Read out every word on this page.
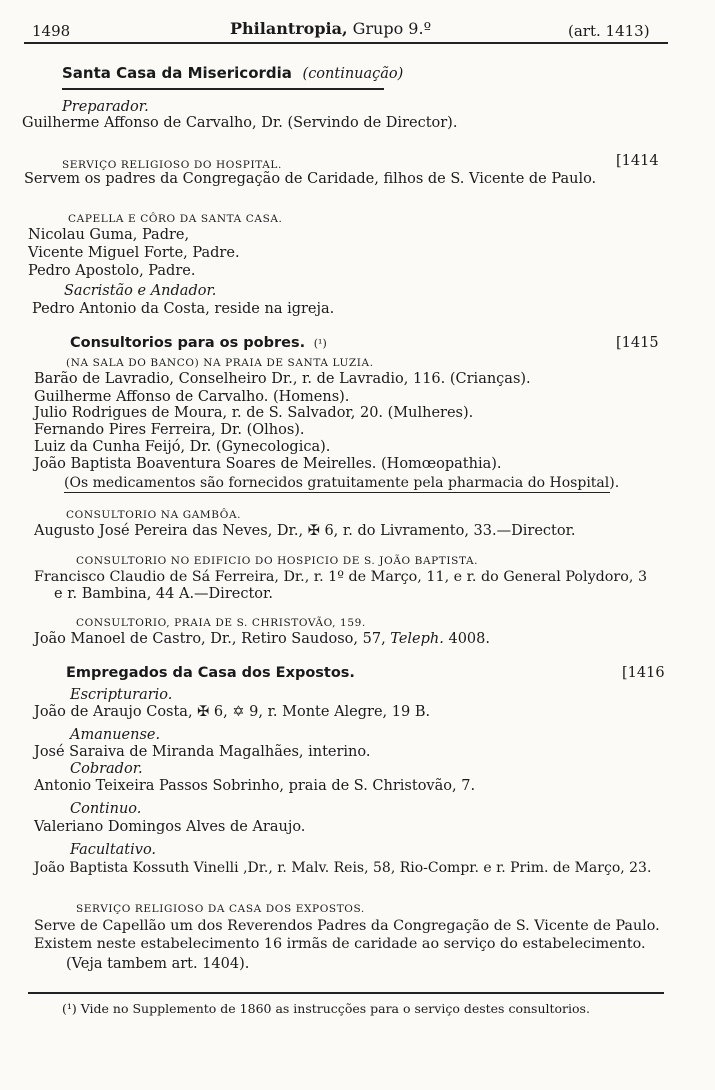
1498	Philantropia, Grupo 9.º	(art. 1413)
Santa Casa da Misericordia (continuação)
Preparador.
Guilherme Affonso de Carvalho, Dr. (Servindo de Director).
SERVIÇO RELIGIOSO DO HOSPITAL.	[1414
Servem os padres da Congregação de Caridade, filhos de S. Vicente de Paulo.
CAPELLA E CÔRO DA SANTA CASA.
Nicolau Guma, Padre,
Vicente Miguel Forte, Padre.
Pedro Apostolo, Padre.
Sacristão e Andador.
Pedro Antonio da Costa, reside na igreja.
Consultorios para os pobres. (¹)	[1415
(NA SALA DO BANCO) NA PRAIA DE SANTA LUZIA.
Barão de Lavradio, Conselheiro Dr., r. de Lavradio, 116. (Crianças).
Guilherme Affonso de Carvalho. (Homens).
Julio Rodrigues de Moura, r. de S. Salvador, 20. (Mulheres).
Fernando Pires Ferreira, Dr. (Olhos).
Luiz da Cunha Feijó, Dr. (Gynecologica).
João Baptista Boaventura Soares de Meirelles. (Homœopathia).
(Os medicamentos são fornecidos gratuitamente pela pharmacia do Hospital).
CONSULTORIO NA GAMBÔA.
Augusto José Pereira das Neves, Dr., ✠ 6, r. do Livramento, 33.—Director.
CONSULTORIO NO EDIFICIO DO HOSPICIO DE S. JOÃO BAPTISTA.
Francisco Claudio de Sá Ferreira, Dr., r. 1º de Março, 11, e r. do General Polydoro, 3
e r. Bambina, 44 A.—Director.
CONSULTORIO, PRAIA DE S. CHRISTOVÃO, 159.
João Manoel de Castro, Dr., Retiro Saudoso, 57, Teleph. 4008.
Empregados da Casa dos Expostos.	[1416
Escripturario.
João de Araujo Costa, ✠ 6, ✡ 9, r. Monte Alegre, 19 B.
Amanuense.
José Saraiva de Miranda Magalhães, interino.
Cobrador.
Antonio Teixeira Passos Sobrinho, praia de S. Christovão, 7.
Continuo.
Valeriano Domingos Alves de Araujo.
Facultativo.
João Baptista Kossuth Vinelli ,Dr., r. Malv. Reis, 58, Rio-Compr. e r. Prim. de Março, 23.
SERVIÇO RELIGIOSO DA CASA DOS EXPOSTOS.
Serve de Capellão um dos Reverendos Padres da Congregação de S. Vicente de Paulo.
Existem neste estabelecimento 16 irmãs de caridade ao serviço do estabelecimento.
(Veja tambem art. 1404).
(¹) Vide no Supplemento de 1860 as instrucções para o serviço destes consultorios.
